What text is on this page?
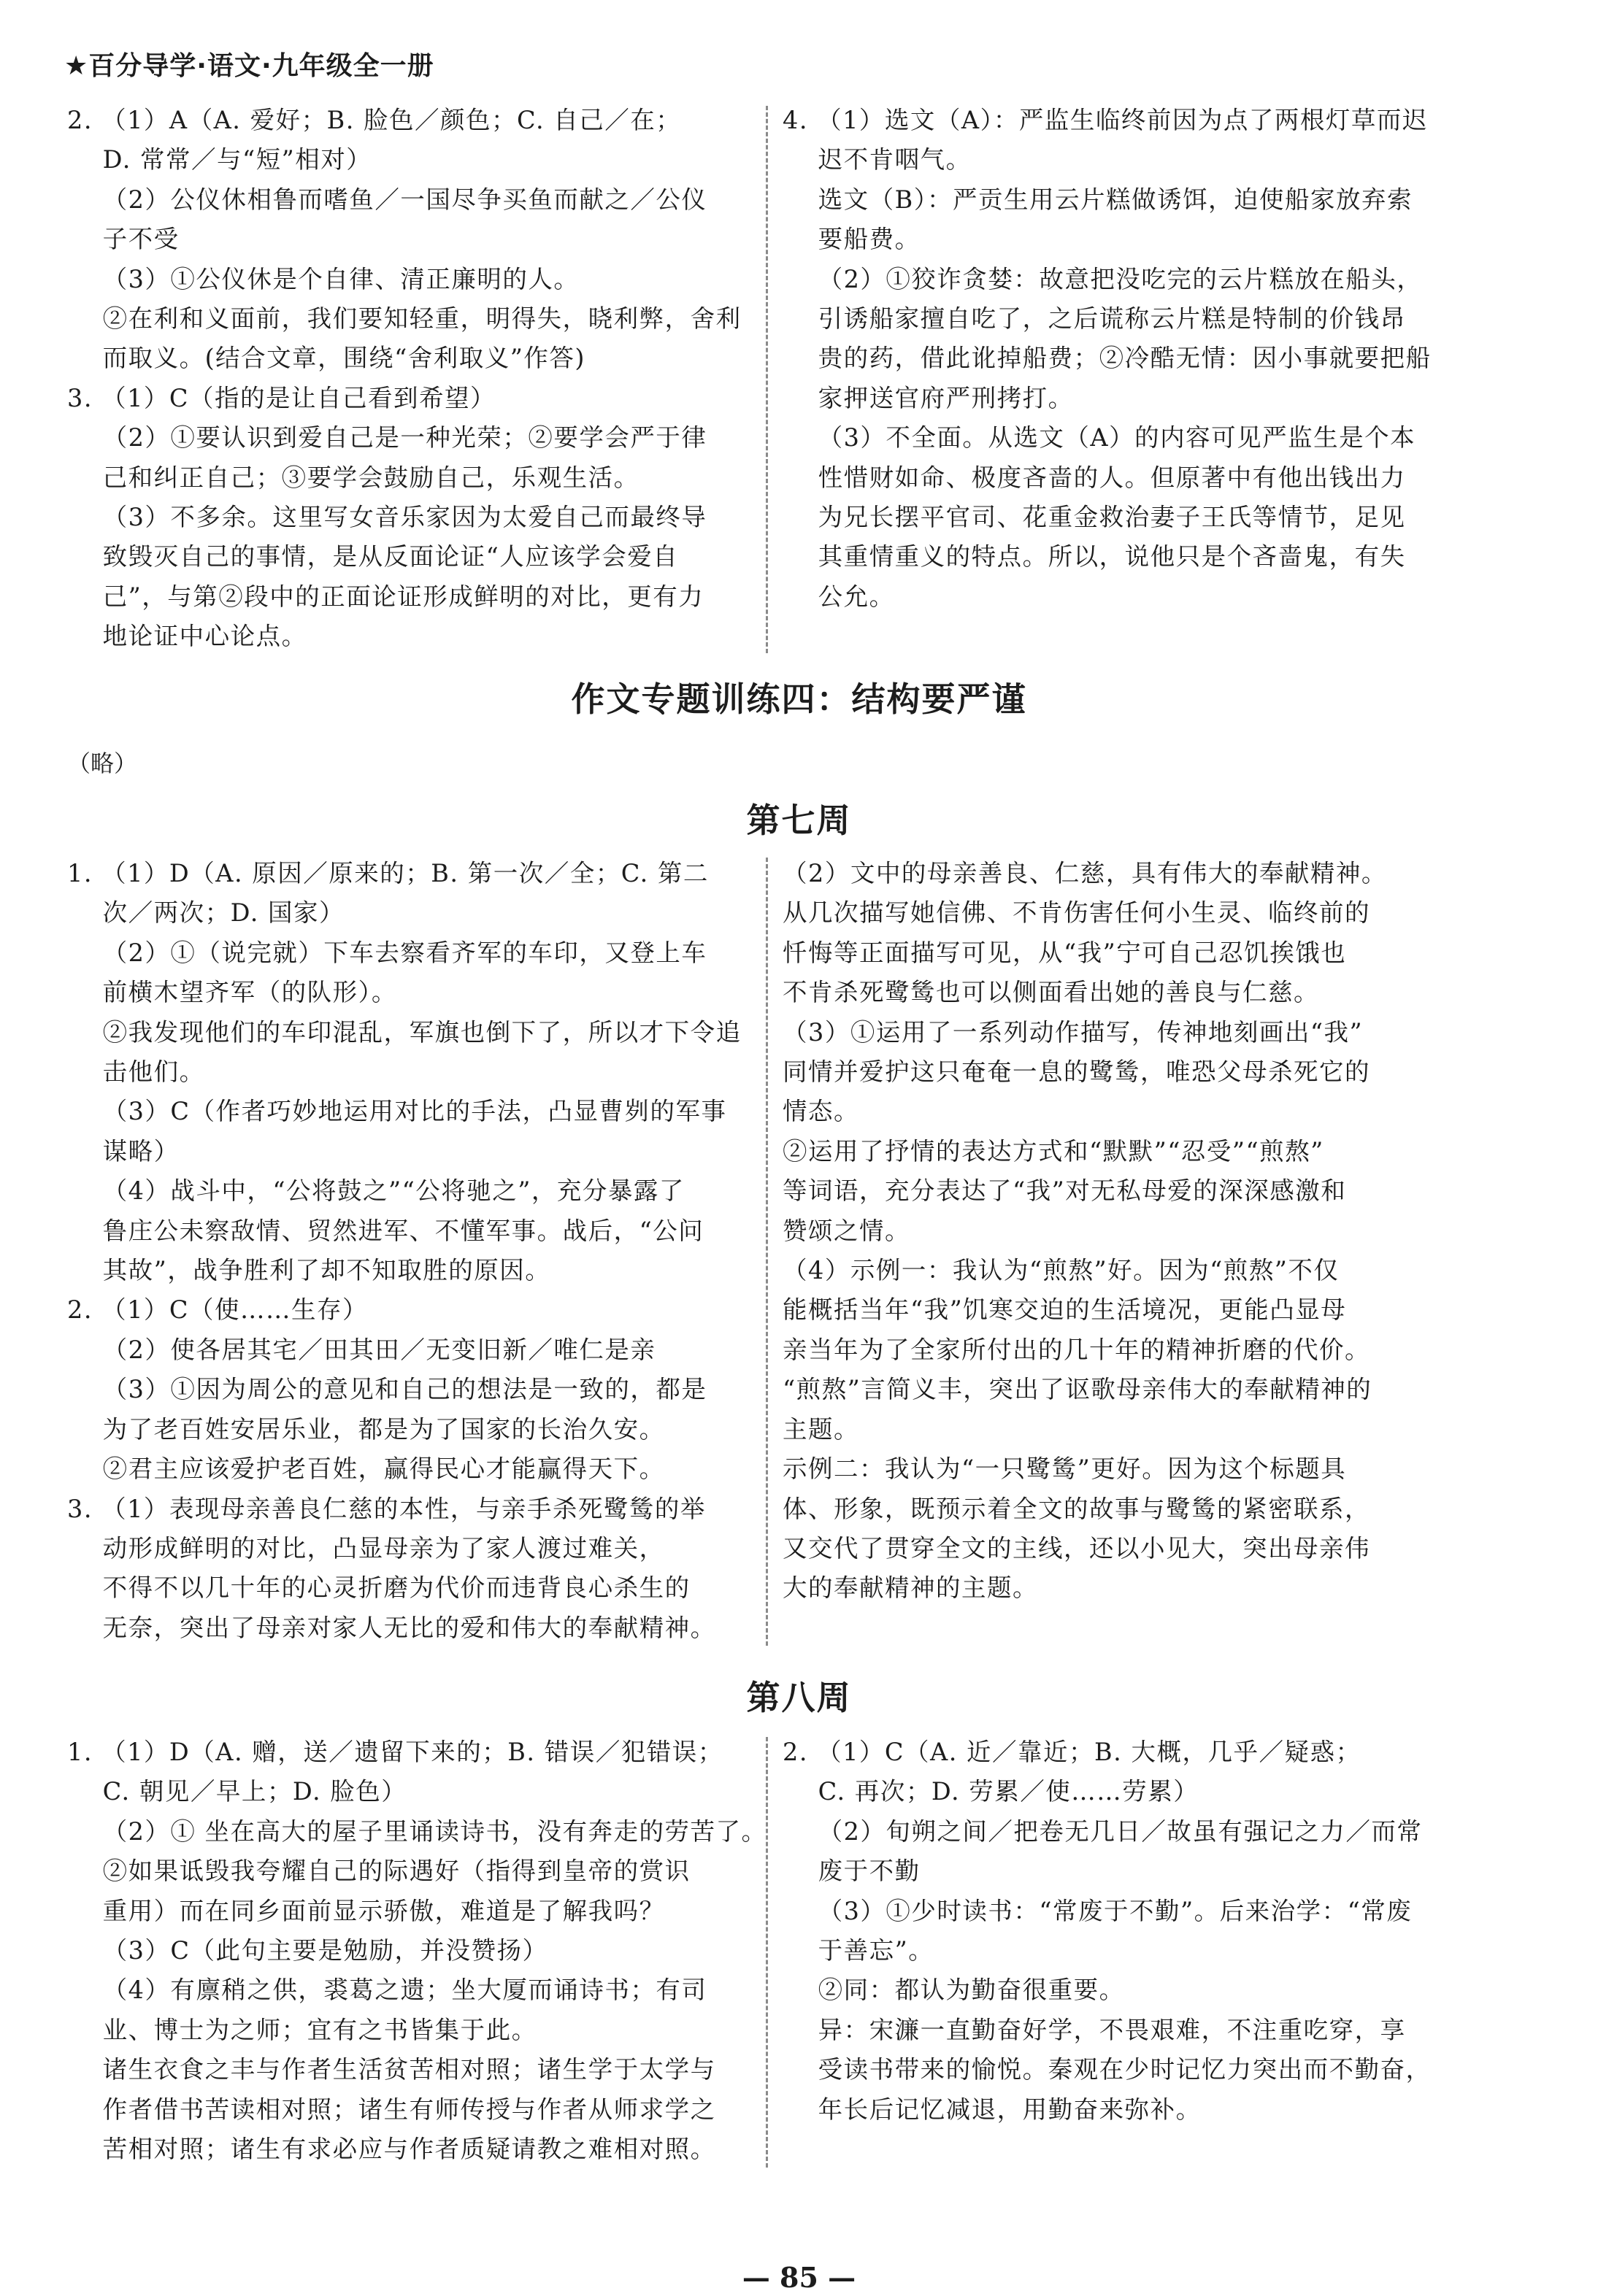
★百分导学·语文·九年级全一册

2. （1）A（A. 爱好；B. 脸色／颜色；C. 自己／在；

D. 常常／与“短”相对）

（2）公仪休相鲁而嗜鱼／一国尽争买鱼而献之／公仪

子不受

（3）①公仪休是个自律、清正廉明的人。

②在利和义面前，我们要知轻重，明得失，晓利弊，舍利

而取义。(结合文章，围绕“舍利取义”作答)

3. （1）C（指的是让自己看到希望）

（2）①要认识到爱自己是一种光荣；②要学会严于律

己和纠正自己；③要学会鼓励自己，乐观生活。

（3）不多余。这里写女音乐家因为太爱自己而最终导

致毁灭自己的事情，是从反面论证“人应该学会爱自

己”，与第②段中的正面论证形成鲜明的对比，更有力

地论证中心论点。

4. （1）选文（A）：严监生临终前因为点了两根灯草而迟

迟不肯咽气。

选文（B）：严贡生用云片糕做诱饵，迫使船家放弃索

要船费。

（2）①狡诈贪婪：故意把没吃完的云片糕放在船头，

引诱船家擅自吃了，之后谎称云片糕是特制的价钱昂

贵的药，借此讹掉船费；②冷酷无情：因小事就要把船

家押送官府严刑拷打。

（3）不全面。从选文（A）的内容可见严监生是个本

性惜财如命、极度吝啬的人。但原著中有他出钱出力

为兄长摆平官司、花重金救治妻子王氏等情节，足见

其重情重义的特点。所以，说他只是个吝啬鬼，有失

公允。

作文专题训练四：结构要严谨
（略）
第七周

1. （1）D（A. 原因／原来的；B. 第一次／全；C. 第二

次／两次；D. 国家）

（2）①（说完就）下车去察看齐军的车印，又登上车

前横木望齐军（的队形）。

②我发现他们的车印混乱，军旗也倒下了，所以才下令追

击他们。

（3）C（作者巧妙地运用对比的手法，凸显曹刿的军事

谋略）

（4）战斗中，“公将鼓之”“公将驰之”，充分暴露了

鲁庄公未察敌情、贸然进军、不懂军事。战后，“公问

其故”，战争胜利了却不知取胜的原因。

2. （1）C（使……生存）

（2）使各居其宅／田其田／无变旧新／唯仁是亲

（3）①因为周公的意见和自己的想法是一致的，都是

为了老百姓安居乐业，都是为了国家的长治久安。

②君主应该爱护老百姓，赢得民心才能赢得天下。

3. （1）表现母亲善良仁慈的本性，与亲手杀死鹭鸶的举

动形成鲜明的对比，凸显母亲为了家人渡过难关，

不得不以几十年的心灵折磨为代价而违背良心杀生的

无奈，突出了母亲对家人无比的爱和伟大的奉献精神。

（2）文中的母亲善良、仁慈，具有伟大的奉献精神。

从几次描写她信佛、不肯伤害任何小生灵、临终前的

忏悔等正面描写可见，从“我”宁可自己忍饥挨饿也

不肯杀死鹭鸶也可以侧面看出她的善良与仁慈。

（3）①运用了一系列动作描写，传神地刻画出“我”

同情并爱护这只奄奄一息的鹭鸶，唯恐父母杀死它的

情态。

②运用了抒情的表达方式和“默默”“忍受”“煎熬”

等词语，充分表达了“我”对无私母爱的深深感激和

赞颂之情。

（4）示例一：我认为“煎熬”好。因为“煎熬”不仅

能概括当年“我”饥寒交迫的生活境况，更能凸显母

亲当年为了全家所付出的几十年的精神折磨的代价。

“煎熬”言简义丰，突出了讴歌母亲伟大的奉献精神的

主题。

示例二：我认为“一只鹭鸶”更好。因为这个标题具

体、形象，既预示着全文的故事与鹭鸶的紧密联系，

又交代了贯穿全文的主线，还以小见大，突出母亲伟

大的奉献精神的主题。

第八周

1. （1）D（A. 赠，送／遗留下来的；B. 错误／犯错误；

C. 朝见／早上；D. 脸色）

（2）① 坐在高大的屋子里诵读诗书，没有奔走的劳苦了。

②如果诋毁我夸耀自己的际遇好（指得到皇帝的赏识

重用）而在同乡面前显示骄傲，难道是了解我吗？

（3）C（此句主要是勉励，并没赞扬）

（4）有廪稍之供，裘葛之遗；坐大厦而诵诗书；有司

业、博士为之师；宜有之书皆集于此。

诸生衣食之丰与作者生活贫苦相对照；诸生学于太学与

作者借书苦读相对照；诸生有师传授与作者从师求学之

苦相对照；诸生有求必应与作者质疑请教之难相对照。

2. （1）C（A. 近／靠近；B. 大概，几乎／疑惑；

C. 再次；D. 劳累／使……劳累）

（2）旬朔之间／把卷无几日／故虽有强记之力／而常

废于不勤

（3）①少时读书：“常废于不勤”。后来治学：“常废

于善忘”。

②同：都认为勤奋很重要。

异：宋濂一直勤奋好学，不畏艰难，不注重吃穿，享

受读书带来的愉悦。秦观在少时记忆力突出而不勤奋，

年长后记忆减退，用勤奋来弥补。

— 85 —
